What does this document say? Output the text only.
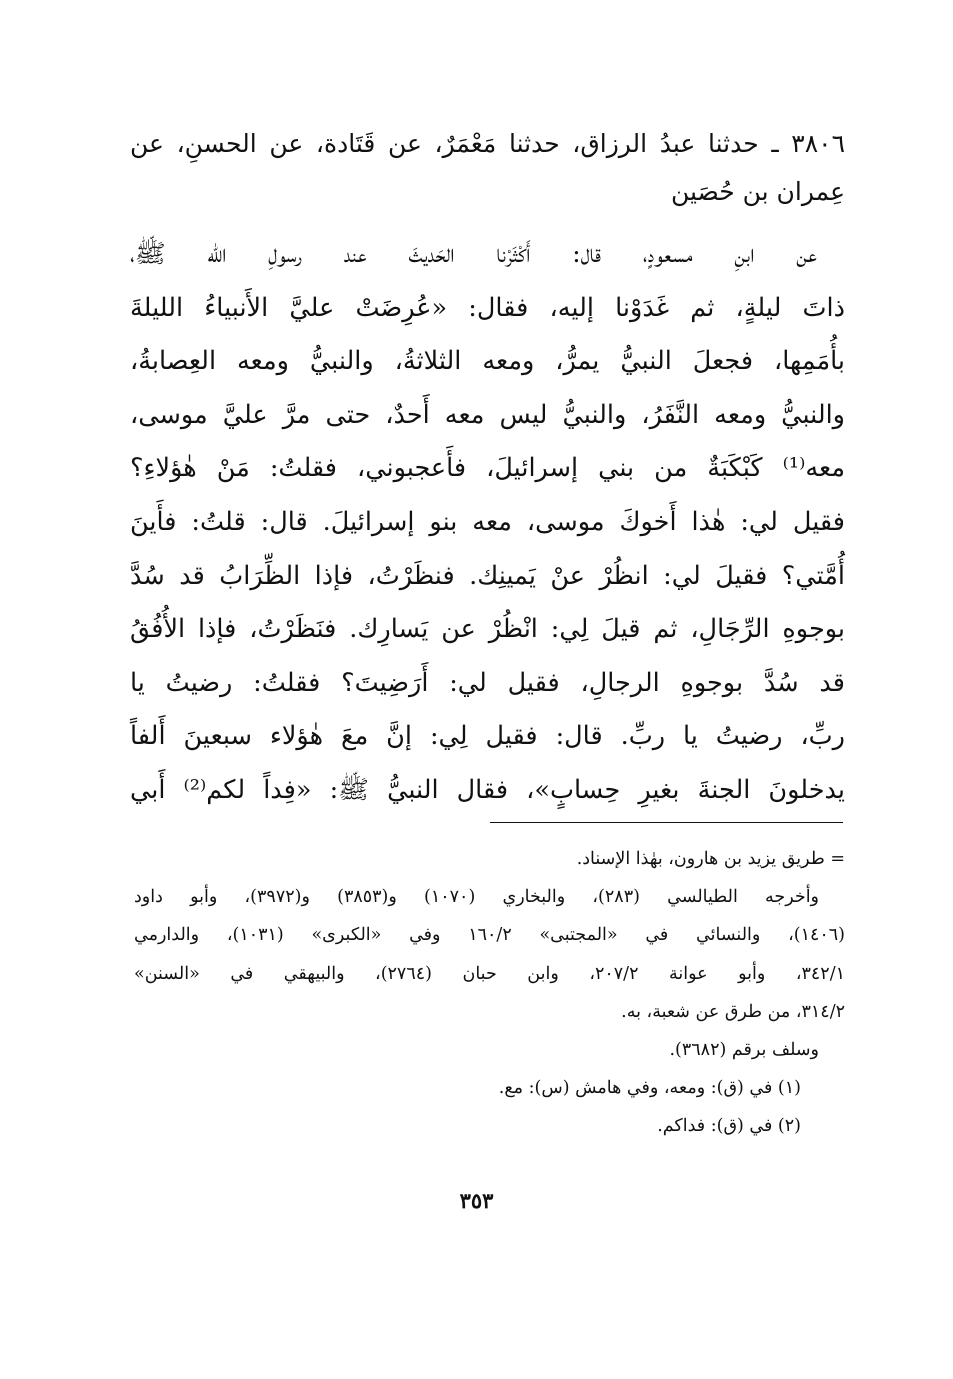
٣٨٠٦ ـ حدثنا عبدُ الرزاق، حدثنا مَعْمَرٌ، عن قَتَادة، عن الحسنِ، عن عِمران بن حُصَين
عن ابنِ مسعودٍ، قال: أَكْثَرْنا الحَديثَ عند رسولِ الله ﷺ،
ذاتَ ليلةٍ، ثم غَدَوْنا إليه، فقال: «عُرِضَتْ عليَّ الأَنبياءُ الليلةَ
بأُمَمِها، فجعلَ النبيُّ يمرُّ، ومعه الثلاثةُ، والنبيُّ ومعه العِصابةُ،
والنبيُّ ومعه النَّفَرُ، والنبيُّ ليس معه أَحدٌ، حتى مرَّ عليَّ موسى،
معه⁽¹⁾ كَبْكَبَةٌ من بني إسرائيلَ، فأَعجبوني، فقلتُ: مَنْ هٰؤلاءِ؟
فقيل لي: هٰذا أَخوكَ موسى، معه بنو إسرائيلَ. قال: قلتُ: فأَينَ
أُمَّتي؟ فقيلَ لي: انظُرْ عنْ يَمينِك. فنظَرْتُ، فإذا الظِّرَابُ قد سُدَّ
بوجوهِ الرِّجَالِ، ثم قيلَ لِي: انْظُرْ عن يَسارِك. فنَظَرْتُ، فإذا الأُفُقُ
قد سُدَّ بوجوهِ الرجالِ، فقيل لي: أَرَضِيتَ؟ فقلتُ: رضيتُ يا
ربِّ، رضيتُ يا ربِّ. قال: فقيل لِي: إنَّ معَ هٰؤلاء سبعينَ أَلفاً
يدخلونَ الجنةَ بغيرِ حِسابٍ»، فقال النبيُّ ﷺ: «فِداً لكم⁽²⁾ أَبي
= طريق يزيد بن هارون، بهٰذا الإسناد.
وأخرجه الطيالسي (٢٨٣)، والبخاري (١٠٧٠) و(٣٨٥٣) و(٣٩٧٢)، وأبو داود
(١٤٠٦)، والنسائي في «المجتبى» ١٦٠/٢ وفي «الكبرى» (١٠٣١)، والدارمي
٣٤٢/١، وأبو عوانة ٢٠٧/٢، وابن حبان (٢٧٦٤)، والبيهقي في «السنن»
٣١٤/٢، من طرق عن شعبة، به.
وسلف برقم (٣٦٨٢).
(١) في (ق): ومعه، وفي هامش (س): مع.
(٢) في (ق): فداكم.
٣٥٣
